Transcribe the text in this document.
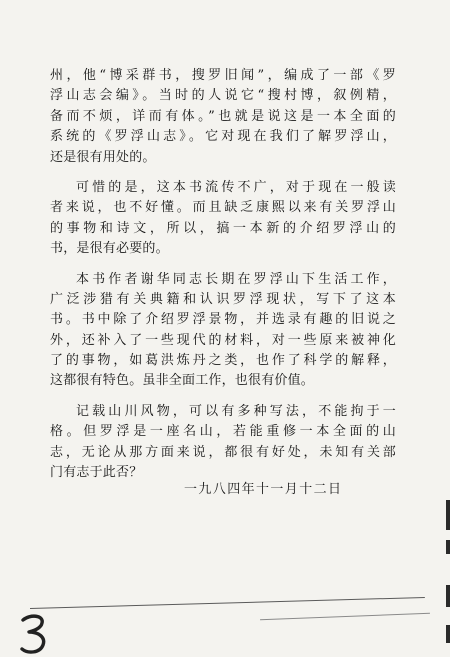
州，他“博采群书，搜罗旧闻”，编成了一部《罗

浮山志会编》。当时的人说它“搜村博，叙例精，

备而不烦，详而有体。”也就是说这是一本全面的

系统的《罗浮山志》。它对现在我们了解罗浮山，

还是很有用处的。

可惜的是，这本书流传不广，对于现在一般读

者来说，也不好懂。而且缺乏康熙以来有关罗浮山

的事物和诗文，所以，搞一本新的介绍罗浮山的

书，是很有必要的。

本书作者谢华同志长期在罗浮山下生活工作，

广泛涉猎有关典籍和认识罗浮现状，写下了这本

书。书中除了介绍罗浮景物，并选录有趣的旧说之

外，还补入了一些现代的材料，对一些原来被神化

了的事物，如葛洪炼丹之类，也作了科学的解释，

这都很有特色。虽非全面工作，也很有价值。

记载山川风物，可以有多种写法，不能拘于一

格。但罗浮是一座名山，若能重修一本全面的山

志，无论从那方面来说，都很有好处，未知有关部

门有志于此否？

一九八四年十一月十二日
